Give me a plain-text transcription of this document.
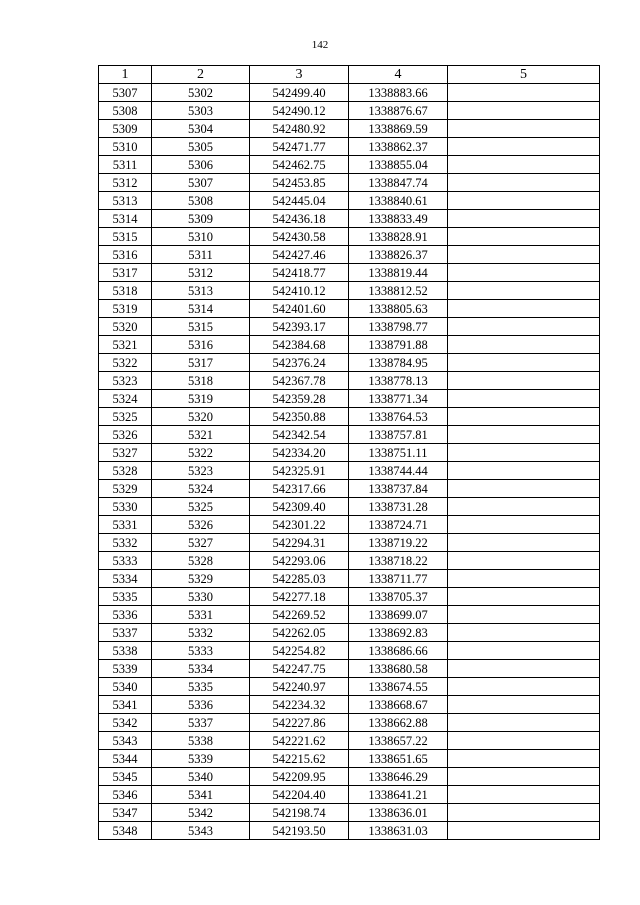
142
1	2	3	4	5
5307	5302	542499.40	1338883.66	
5308	5303	542490.12	1338876.67	
5309	5304	542480.92	1338869.59	
5310	5305	542471.77	1338862.37	
5311	5306	542462.75	1338855.04	
5312	5307	542453.85	1338847.74	
5313	5308	542445.04	1338840.61	
5314	5309	542436.18	1338833.49	
5315	5310	542430.58	1338828.91	
5316	5311	542427.46	1338826.37	
5317	5312	542418.77	1338819.44	
5318	5313	542410.12	1338812.52	
5319	5314	542401.60	1338805.63	
5320	5315	542393.17	1338798.77	
5321	5316	542384.68	1338791.88	
5322	5317	542376.24	1338784.95	
5323	5318	542367.78	1338778.13	
5324	5319	542359.28	1338771.34	
5325	5320	542350.88	1338764.53	
5326	5321	542342.54	1338757.81	
5327	5322	542334.20	1338751.11	
5328	5323	542325.91	1338744.44	
5329	5324	542317.66	1338737.84	
5330	5325	542309.40	1338731.28	
5331	5326	542301.22	1338724.71	
5332	5327	542294.31	1338719.22	
5333	5328	542293.06	1338718.22	
5334	5329	542285.03	1338711.77	
5335	5330	542277.18	1338705.37	
5336	5331	542269.52	1338699.07	
5337	5332	542262.05	1338692.83	
5338	5333	542254.82	1338686.66	
5339	5334	542247.75	1338680.58	
5340	5335	542240.97	1338674.55	
5341	5336	542234.32	1338668.67	
5342	5337	542227.86	1338662.88	
5343	5338	542221.62	1338657.22	
5344	5339	542215.62	1338651.65	
5345	5340	542209.95	1338646.29	
5346	5341	542204.40	1338641.21	
5347	5342	542198.74	1338636.01	
5348	5343	542193.50	1338631.03	
